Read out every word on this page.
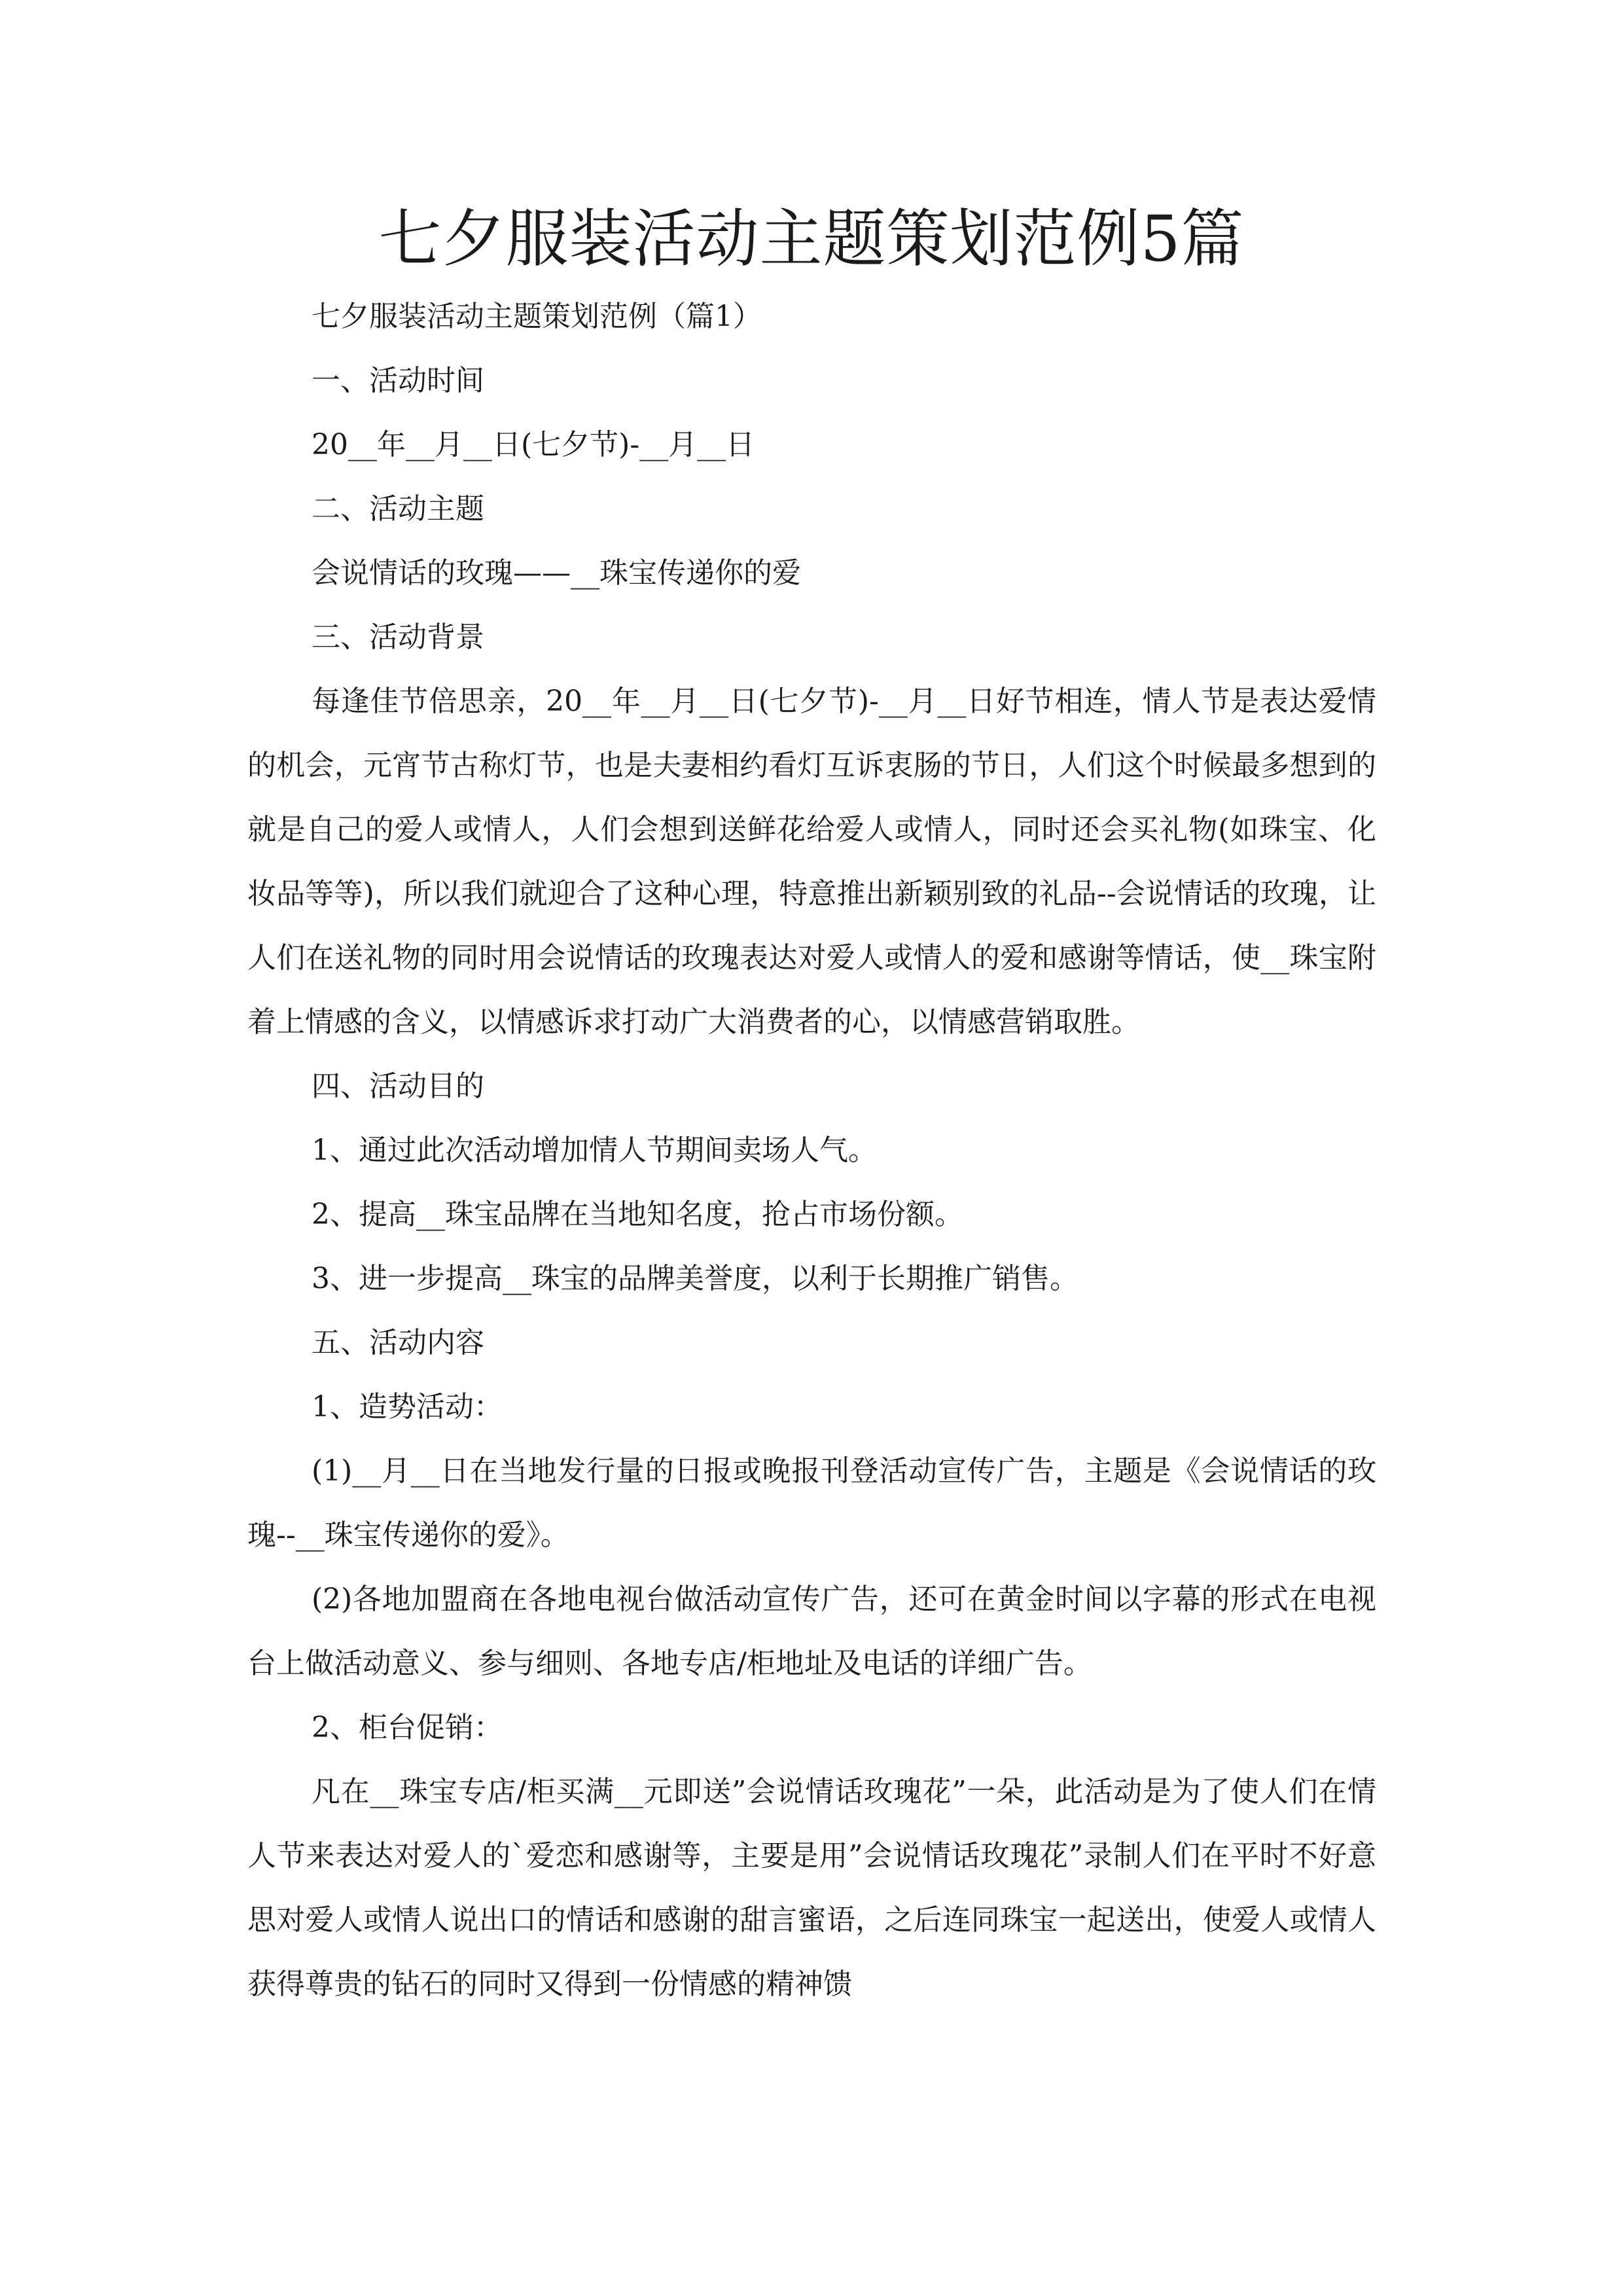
七夕服装活动主题策划范例5篇

七夕服装活动主题策划范例（篇1）

一、活动时间

20__年__月__日(七夕节)-__月__日

二、活动主题

会说情话的玫瑰——__珠宝传递你的爱

三、活动背景

每逢佳节倍思亲，20__年__月__日(七夕节)-__月__日好节相连，情人节是表达爱情的机会，元宵节古称灯节，也是夫妻相约看灯互诉衷肠的节日，人们这个时候最多想到的就是自己的爱人或情人，人们会想到送鲜花给爱人或情人，同时还会买礼物(如珠宝、化妆品等等)，所以我们就迎合了这种心理，特意推出新颖别致的礼品--会说情话的玫瑰，让人们在送礼物的同时用会说情话的玫瑰表达对爱人或情人的爱和感谢等情话，使__珠宝附着上情感的含义，以情感诉求打动广大消费者的心，以情感营销取胜。

四、活动目的

1、通过此次活动增加情人节期间卖场人气。

2、提高__珠宝品牌在当地知名度，抢占市场份额。

3、进一步提高__珠宝的品牌美誉度，以利于长期推广销售。

五、活动内容

1、造势活动：

(1)__月__日在当地发行量的日报或晚报刊登活动宣传广告，主题是《会说情话的玫瑰--__珠宝传递你的爱》。

(2)各地加盟商在各地电视台做活动宣传广告，还可在黄金时间以字幕的形式在电视台上做活动意义、参与细则、各地专店/柜地址及电话的详细广告。

2、柜台促销：

凡在__珠宝专店/柜买满__元即送”会说情话玫瑰花”一朵，此活动是为了使人们在情人节来表达对爱人的`爱恋和感谢等，主要是用”会说情话玫瑰花”录制人们在平时不好意思对爱人或情人说出口的情话和感谢的甜言蜜语，之后连同珠宝一起送出，使爱人或情人获得尊贵的钻石的同时又得到一份情感的精神馈
